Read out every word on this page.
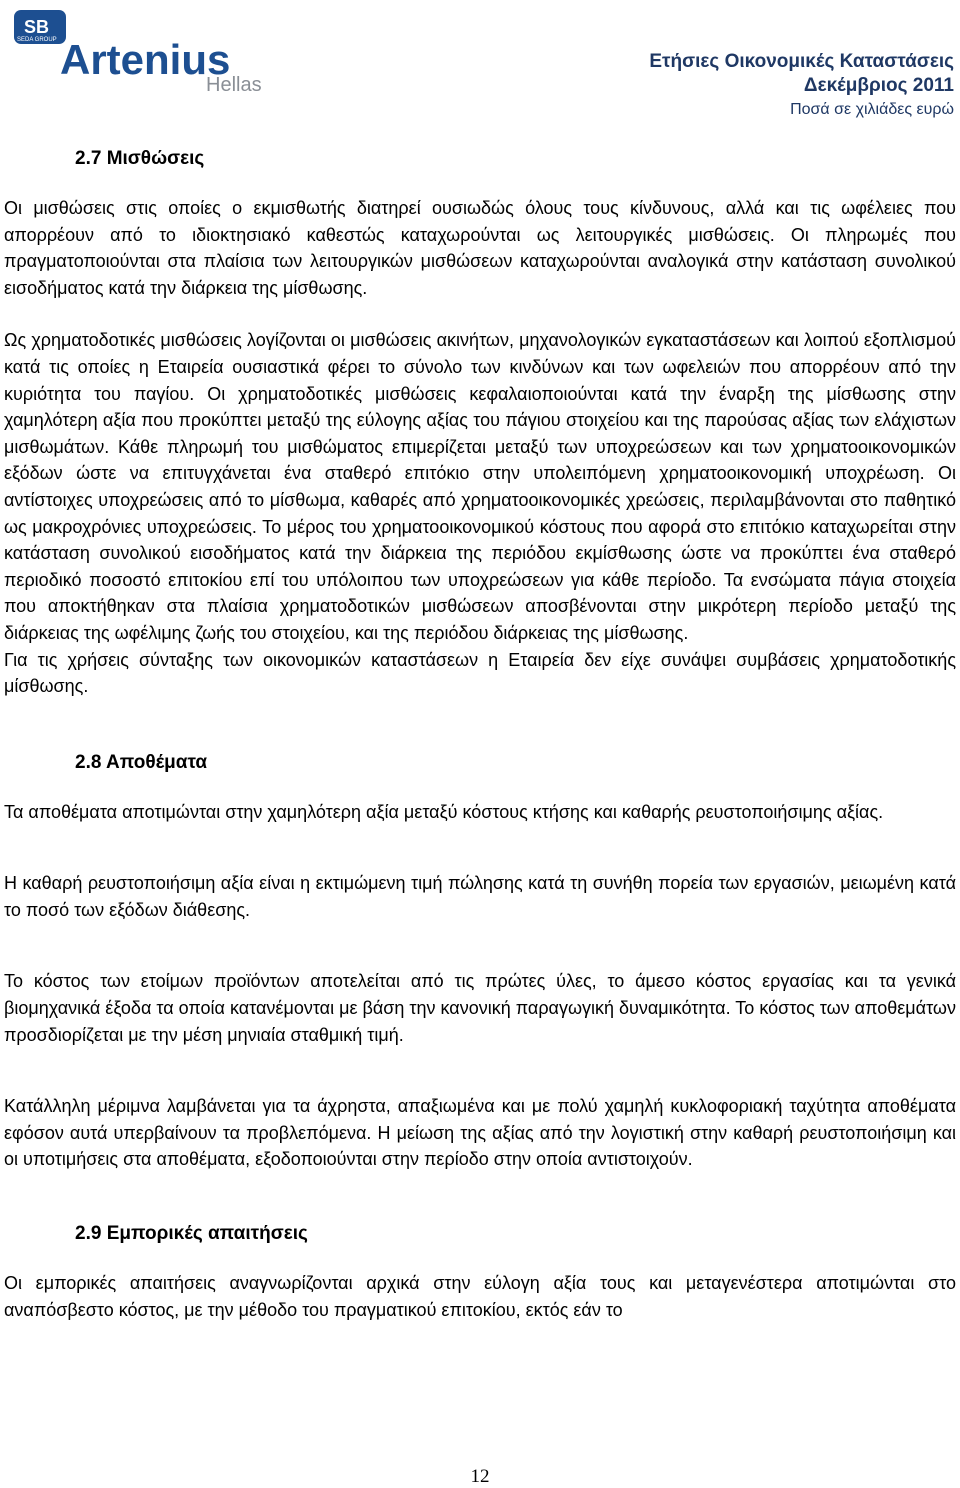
SB
SEDA GROUP Artenius
Hellas
Ετήσιες Οικονομικές Καταστάσεις
Δεκέμβριος 2011
Ποσά σε χιλιάδες ευρώ
2.7 Μισθώσεις

Οι μισθώσεις στις οποίες ο εκμισθωτής διατηρεί ουσιωδώς όλους τους κίνδυνους, αλλά και τις ωφέλειες που απορρέουν από το ιδιοκτησιακό καθεστώς καταχωρούνται ως λειτουργικές μισθώσεις. Οι πληρωμές που πραγματοποιούνται στα πλαίσια των λειτουργικών μισθώσεων καταχωρούνται αναλογικά στην κατάσταση συνολικού εισοδήματος κατά την διάρκεια της μίσθωσης.

Ως χρηματοδοτικές μισθώσεις λογίζονται οι μισθώσεις ακινήτων, μηχανολογικών εγκαταστάσεων και λοιπού εξοπλισμού κατά τις οποίες η Εταιρεία ουσιαστικά φέρει το σύνολο των κινδύνων και των ωφελειών που απορρέουν από την κυριότητα του παγίου. Οι χρηματοδοτικές μισθώσεις κεφαλαιοποιούνται κατά την έναρξη της μίσθωσης στην χαμηλότερη αξία που προκύπτει μεταξύ της εύλογης αξίας του πάγιου στοιχείου και της παρούσας αξίας των ελάχιστων μισθωμάτων. Κάθε πληρωμή του μισθώματος επιμερίζεται μεταξύ των υποχρεώσεων και των χρηματοοικονομικών εξόδων ώστε να επιτυγχάνεται ένα σταθερό επιτόκιο στην υπολειπόμενη χρηματοοικονομική υποχρέωση. Οι αντίστοιχες υποχρεώσεις από το μίσθωμα, καθαρές από χρηματοοικονομικές χρεώσεις, περιλαμβάνονται στο παθητικό ως μακροχρόνιες υποχρεώσεις. Το μέρος του χρηματοοικονομικού κόστους που αφορά στο επιτόκιο καταχωρείται στην κατάσταση συνολικού εισοδήματος κατά την διάρκεια της περιόδου εκμίσθωσης ώστε να προκύπτει ένα σταθερό περιοδικό ποσοστό επιτοκίου επί του υπόλοιπου των υποχρεώσεων για κάθε περίοδο. Τα ενσώματα πάγια στοιχεία που αποκτήθηκαν στα πλαίσια χρηματοδοτικών μισθώσεων αποσβένονται στην μικρότερη περίοδο μεταξύ της διάρκειας της ωφέλιμης ζωής του στοιχείου, και της περιόδου διάρκειας της μίσθωσης.

Για τις χρήσεις σύνταξης των οικονομικών καταστάσεων η Εταιρεία δεν είχε συνάψει συμβάσεις χρηματοδοτικής μίσθωσης.

2.8 Αποθέματα

Τα αποθέματα αποτιμώνται στην χαμηλότερη αξία μεταξύ κόστους κτήσης και καθαρής ρευστοποιήσιμης αξίας.

Η καθαρή ρευστοποιήσιμη αξία είναι η εκτιμώμενη τιμή πώλησης κατά τη συνήθη πορεία των εργασιών, μειωμένη κατά το ποσό των εξόδων διάθεσης.

Το κόστος των ετοίμων προϊόντων αποτελείται από τις πρώτες ύλες, το άμεσο κόστος εργασίας και τα γενικά βιομηχανικά έξοδα τα οποία κατανέμονται με βάση την κανονική παραγωγική δυναμικότητα. Το κόστος των αποθεμάτων προσδιορίζεται με την μέση μηνιαία σταθμική τιμή.

Κατάλληλη μέριμνα λαμβάνεται για τα άχρηστα, απαξιωμένα και με πολύ χαμηλή κυκλοφοριακή ταχύτητα αποθέματα εφόσον αυτά υπερβαίνουν τα προβλεπόμενα. Η μείωση της αξίας από την λογιστική στην καθαρή ρευστοποιήσιμη και οι υποτιμήσεις στα αποθέματα, εξοδοποιούνται στην περίοδο στην οποία αντιστοιχούν.

2.9 Εμπορικές απαιτήσεις

Οι εμπορικές απαιτήσεις αναγνωρίζονται αρχικά στην εύλογη αξία τους και μεταγενέστερα αποτιμώνται στο αναπόσβεστο κόστος, με την μέθοδο του πραγματικού επιτοκίου, εκτός εάν το

12
